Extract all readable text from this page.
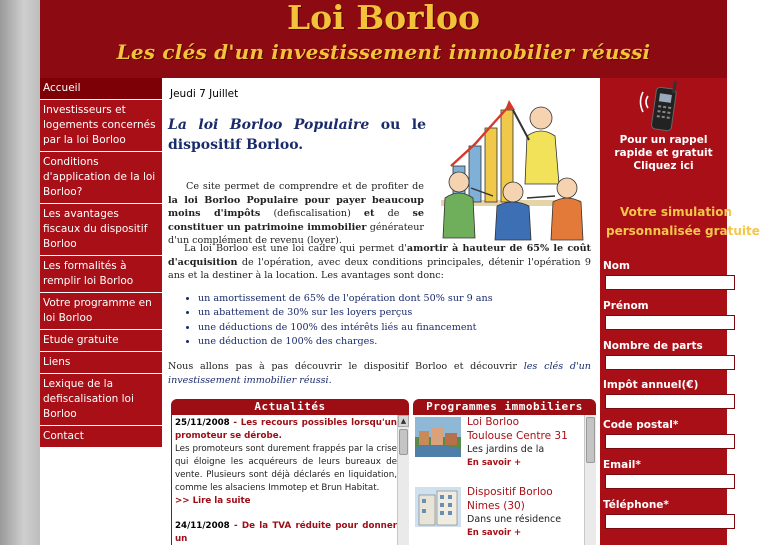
Loi Borloo
Les clés d'un investissement immobilier réussi
Accueil
Investisseurs et logements concernés par la loi Borloo
Conditions d'application de la loi Borloo?
Les avantages fiscaux du dispositif Borloo
Les formalités à remplir loi Borloo
Votre programme en loi Borloo
Etude gratuite
Liens
Lexique de la defiscalisation loi Borloo
Contact
Jeudi 7 Juillet
La loi Borloo Populaire ou le dispositif Borloo.
Ce site permet de comprendre et de profiter de la loi Borloo Populaire pour payer beaucoup moins d'impôts (defiscalisation) et de se constituer un patrimoine immobilier générateur d'un complément de revenu (loyer).
La loi Borloo est une loi cadre qui permet d'amortir à hauteur de 65% le coût d'acquisition de l'opération, avec deux conditions principales, détenir l'opération 9 ans et la destiner à la location. Les avantages sont donc:
• un amortissement de 65% de l'opération dont 50% sur 9 ans
• un abattement de 30% sur les loyers perçus
• une déductions de 100% des intérêts liés au financement
• une déduction de 100% des charges.
Nous allons pas à pas découvrir le dispositif Borloo et découvrir les clés d'un investissement immobilier réussi.
Actualités
25/11/2008 - Les recours possibles lorsqu'un promoteur se dérobe.
Les promoteurs sont durement frappés par la crise qui éloigne les acquéreurs de leurs bureaux de vente. Plusieurs sont déjà déclarés en liquidation, comme les alsaciens Immotep et Brun Habitat.
>> Lire la suite
24/11/2008 - De la TVA réduite pour donner un
▲
Programmes immobiliers
Loi Borloo
Toulouse Centre 31
Les jardins de la
En savoir +
Dispositif Borloo
Nimes (30)
Dans une résidence
En savoir +
Pour un rappel
rapide et gratuit
Cliquez ici
Votre simulation
personnalisée gratuite
Nom
Prénom
Nombre de parts
Impôt annuel(€)
Code postal*
Email*
Téléphone*
